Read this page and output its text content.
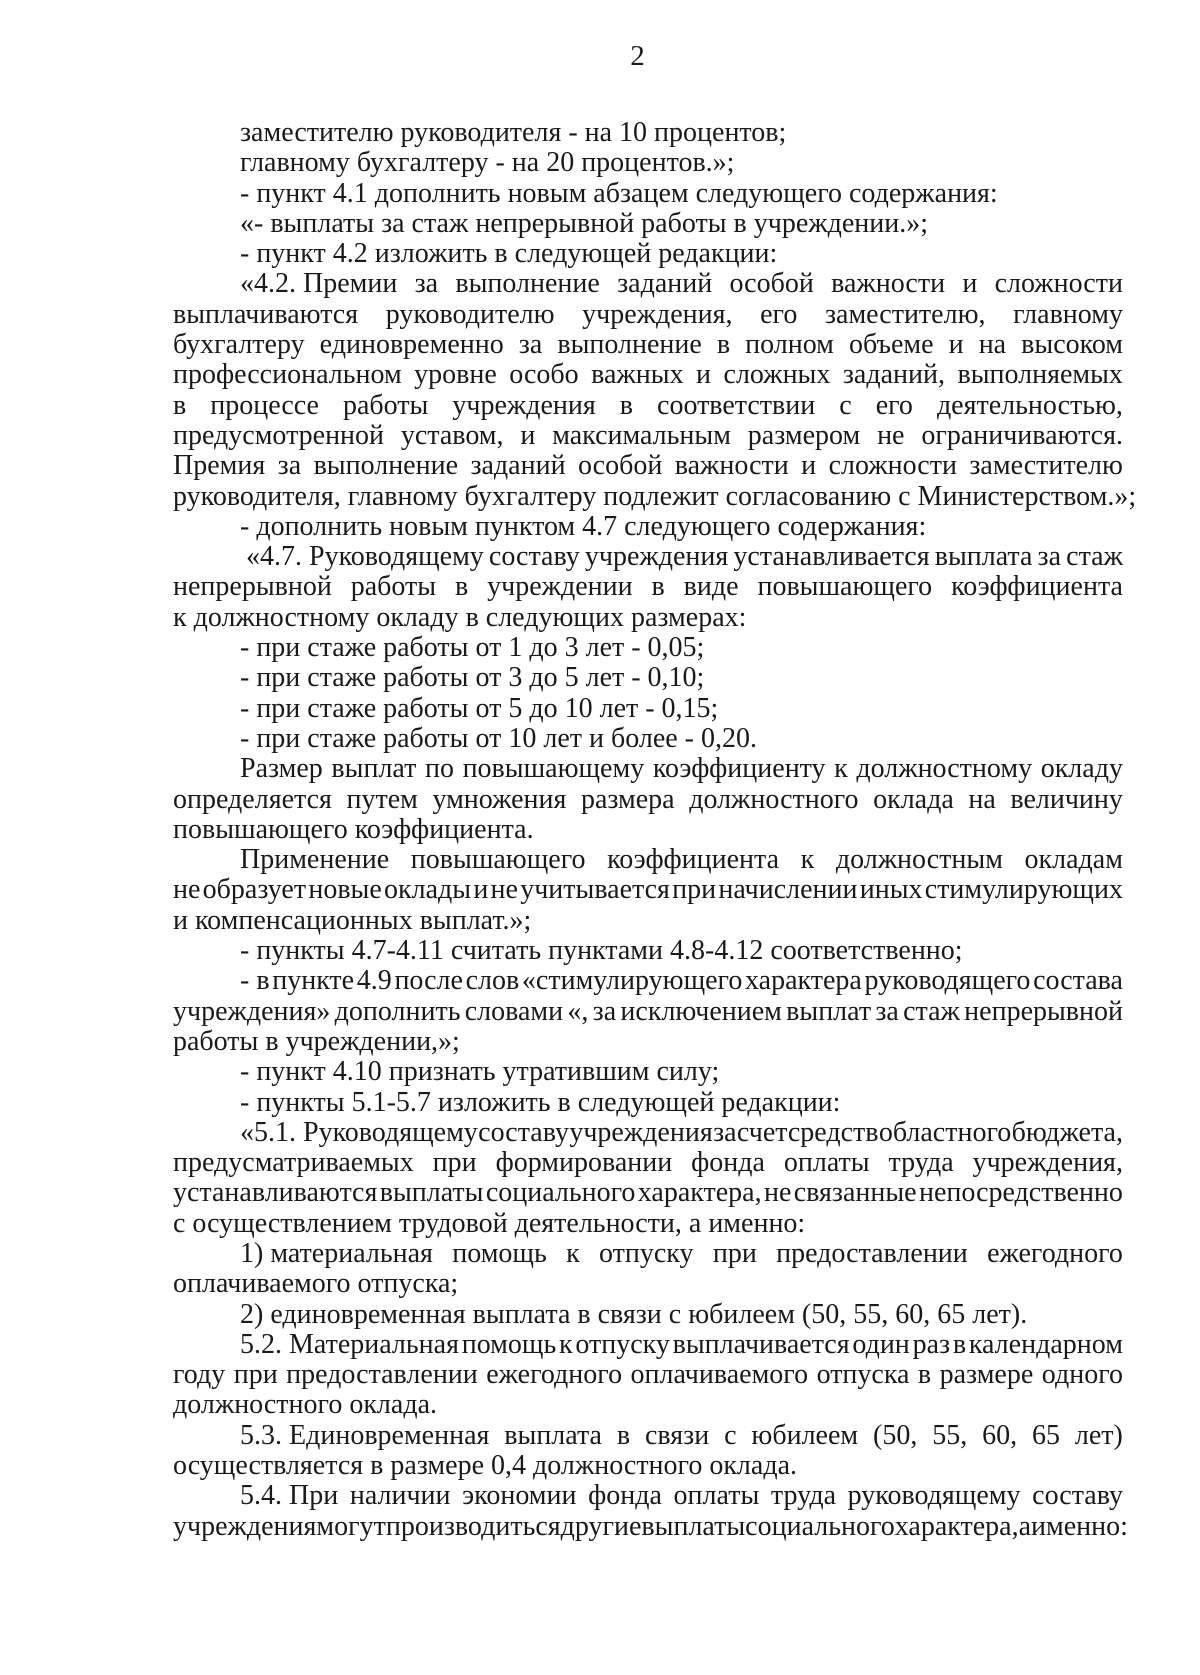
2
заместителю руководителя - на 10 процентов;
главному бухгалтеру - на 20 процентов.»;
- пункт 4.1 дополнить новым абзацем следующего содержания:
«- выплаты за стаж непрерывной работы в учреждении.»;
- пункт 4.2 изложить в следующей редакции:
«4.2. Премии за выполнение заданий особой важности и сложности
выплачиваются руководителю учреждения, его заместителю, главному
бухгалтеру единовременно за выполнение в полном объеме и на высоком
профессиональном уровне особо важных и сложных заданий, выполняемых
в процессе работы учреждения в соответствии с его деятельностью,
предусмотренной уставом, и максимальным размером не ограничиваются.
Премия за выполнение заданий особой важности и сложности заместителю
руководителя, главному бухгалтеру подлежит согласованию с Министерством.»;
- дополнить новым пунктом 4.7 следующего содержания:
«4.7. Руководящему составу учреждения устанавливается выплата за стаж
непрерывной работы в учреждении в виде повышающего коэффициента
к должностному окладу в следующих размерах:
- при стаже работы от 1 до 3 лет - 0,05;
- при стаже работы от 3 до 5 лет - 0,10;
- при стаже работы от 5 до 10 лет - 0,15;
- при стаже работы от 10 лет и более - 0,20.
Размер выплат по повышающему коэффициенту к должностному окладу
определяется путем умножения размера должностного оклада на величину
повышающего коэффициента.
Применение повышающего коэффициента к должностным окладам
не образует новые оклады и не учитывается при начислении иных стимулирующих
и компенсационных выплат.»;
- пункты 4.7-4.11 считать пунктами 4.8-4.12 соответственно;
- в пункте 4.9 после слов «стимулирующего характера руководящего состава
учреждения» дополнить словами «, за исключением выплат за стаж непрерывной
работы в учреждении,»;
- пункт 4.10 признать утратившим силу;
- пункты 5.1-5.7 изложить в следующей редакции:
«5.1. Руководящему составу учреждения за счет средств областного бюджета,
предусматриваемых при формировании фонда оплаты труда учреждения,
устанавливаются выплаты социального характера, не связанные непосредственно
с осуществлением трудовой деятельности, а именно:
1) материальная помощь к отпуску при предоставлении ежегодного
оплачиваемого отпуска;
2) единовременная выплата в связи с юбилеем (50, 55, 60, 65 лет).
5.2. Материальная помощь к отпуску выплачивается один раз в календарном
году при предоставлении ежегодного оплачиваемого отпуска в размере одного
должностного оклада.
5.3. Единовременная выплата в связи с юбилеем (50, 55, 60, 65 лет)
осуществляется в размере 0,4 должностного оклада.
5.4. При наличии экономии фонда оплаты труда руководящему составу
учреждения могут производиться другие выплаты социального характера, а именно:
